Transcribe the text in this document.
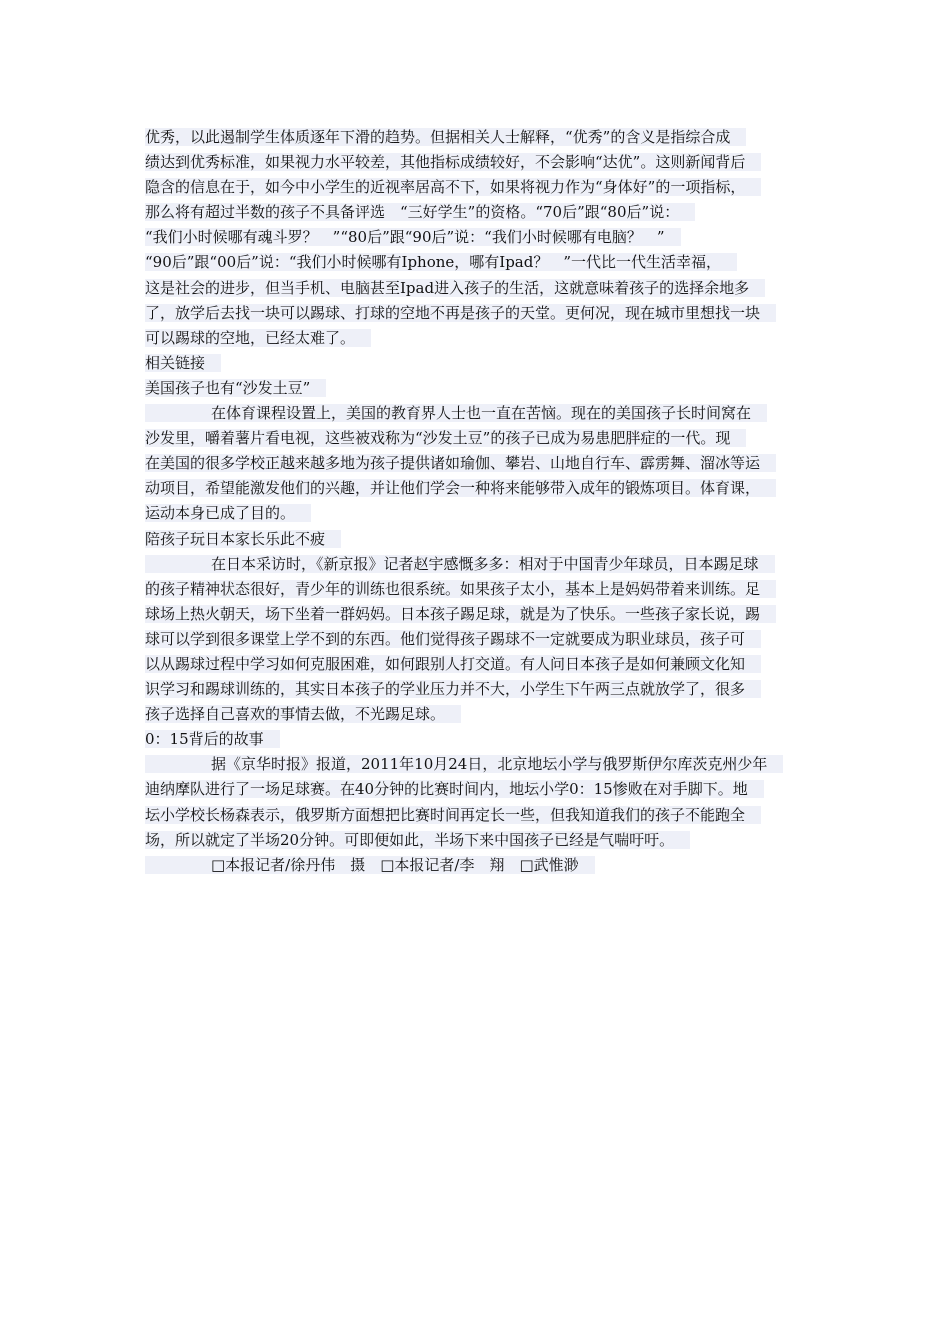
优秀，以此遏制学生体质逐年下滑的趋势。但据相关人士解释，“优秀”的含义是指综合成
绩达到优秀标准，如果视力水平较差，其他指标成绩较好，不会影响“达优”。这则新闻背后
隐含的信息在于，如今中小学生的近视率居高不下，如果将视力作为“身体好”的一项指标，
那么将有超过半数的孩子不具备评选　“三好学生”的资格。“70后”跟“80后”说：
“我们小时候哪有魂斗罗？　”“80后”跟“90后”说：“我们小时候哪有电脑？　”
“90后”跟“00后”说：“我们小时候哪有Iphone，哪有Ipad？　”一代比一代生活幸福，
这是社会的进步，但当手机、电脑甚至Ipad进入孩子的生活，这就意味着孩子的选择余地多
了，放学后去找一块可以踢球、打球的空地不再是孩子的天堂。更何况，现在城市里想找一块
可以踢球的空地，已经太难了。
相关链接
美国孩子也有“沙发土豆”
在体育课程设置上，美国的教育界人士也一直在苦恼。现在的美国孩子长时间窝在
沙发里，嚼着薯片看电视，这些被戏称为“沙发土豆”的孩子已成为易患肥胖症的一代。现
在美国的很多学校正越来越多地为孩子提供诸如瑜伽、攀岩、山地自行车、霹雳舞、溜冰等运
动项目，希望能激发他们的兴趣，并让他们学会一种将来能够带入成年的锻炼项目。体育课，
运动本身已成了目的。
陪孩子玩日本家长乐此不疲
在日本采访时，《新京报》记者赵宇感慨多多：相对于中国青少年球员，日本踢足球
的孩子精神状态很好，青少年的训练也很系统。如果孩子太小，基本上是妈妈带着来训练。足
球场上热火朝天，场下坐着一群妈妈。日本孩子踢足球，就是为了快乐。一些孩子家长说，踢
球可以学到很多课堂上学不到的东西。他们觉得孩子踢球不一定就要成为职业球员，孩子可
以从踢球过程中学习如何克服困难，如何跟别人打交道。有人问日本孩子是如何兼顾文化知
识学习和踢球训练的，其实日本孩子的学业压力并不大，小学生下午两三点就放学了，很多
孩子选择自己喜欢的事情去做，不光踢足球。
0：15背后的故事
据《京华时报》报道，2011年10月24日，北京地坛小学与俄罗斯伊尔库茨克州少年
迪纳摩队进行了一场足球赛。在40分钟的比赛时间内，地坛小学0：15惨败在对手脚下。地
坛小学校长杨森表示，俄罗斯方面想把比赛时间再定长一些，但我知道我们的孩子不能跑全
场，所以就定了半场20分钟。可即便如此，半场下来中国孩子已经是气喘吁吁。
□本报记者/徐丹伟　摄　□本报记者/李　翔　□武惟渺
